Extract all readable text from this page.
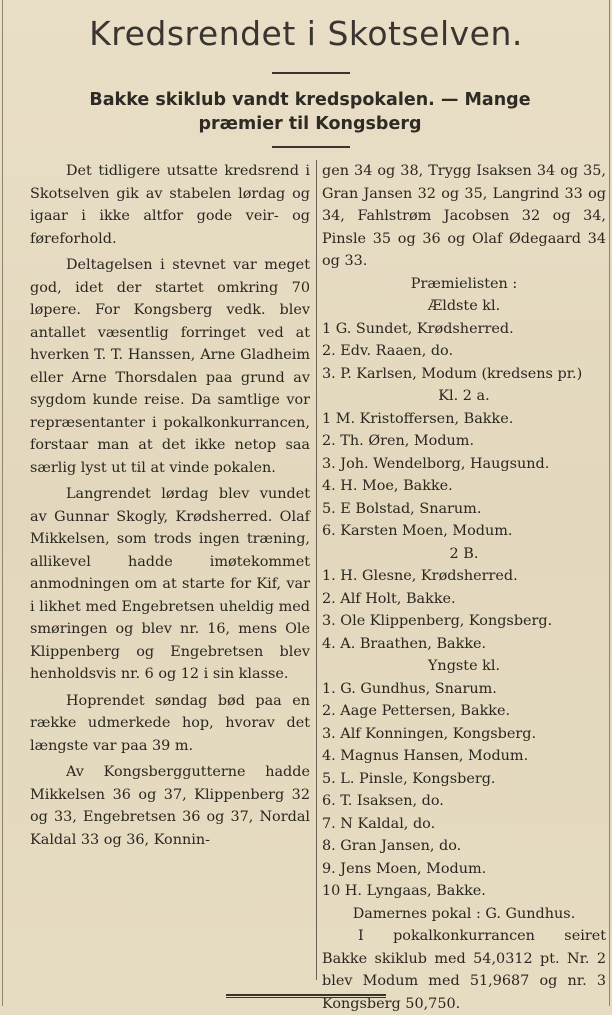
Kredsrendet i Skotselven.
Bakke skiklub vandt kredspokalen. — Mange
præmier til Kongsberg

Det tidligere utsatte kredsrend i Skotselven gik av stabelen lørdag og igaar i ikke altfor gode veir- og føreforhold.

Deltagelsen i stevnet var meget god, idet der startet omkring 70 løpere. For Kongsberg vedk. blev antallet væsentlig forringet ved at hverken T. T. Hanssen, Arne Gladheim eller Arne Thorsdalen paa grund av sygdom kunde reise. Da samtlige vor repræsentanter i pokalkonkurrancen, forstaar man at det ikke netop saa særlig lyst ut til at vinde pokalen.

Langrendet lørdag blev vundet av Gunnar Skogly, Krødsherred. Olaf Mikkelsen, som trods ingen træning, allikevel hadde imøtekommet anmodningen om at starte for Kif, var i likhet med Engebretsen uheldig med smøringen og blev nr. 16, mens Ole Klippenberg og Engebretsen blev henholdsvis nr. 6 og 12 i sin klasse.

Hoprendet søndag bød paa en række udmerkede hop, hvorav det længste var paa 39 m.

Av Kongsberggutterne hadde Mikkelsen 36 og 37, Klippenberg 32 og 33, Engebretsen 36 og 37, Nordal Kaldal 33 og 36, Konnin-

gen 34 og 38, Trygg Isaksen 34 og 35, Gran Jansen 32 og 35, Langrind 33 og 34, Fahlstrøm Jacobsen 32 og 34, Pinsle 35 og 36 og Olaf Ødegaard 34 og 33.

Præmielisten :

Ældste kl.

1 G. Sundet, Krødsherred.

2. Edv. Raaen, do.

3. P. Karlsen, Modum (kredsens pr.)

Kl. 2 a.

1 M. Kristoffersen, Bakke.

2. Th. Øren, Modum.

3. Joh. Wendelborg, Haugsund.

4. H. Moe, Bakke.

5. E Bolstad, Snarum.

6. Karsten Moen, Modum.

2 B.

1. H. Glesne, Krødsherred.

2. Alf Holt, Bakke.

3. Ole Klippenberg, Kongsberg.

4. A. Braathen, Bakke.

Yngste kl.

1. G. Gundhus, Snarum.

2. Aage Pettersen, Bakke.

3. Alf Konningen, Kongsberg.

4. Magnus Hansen, Modum.

5. L. Pinsle, Kongsberg.

6. T. Isaksen, do.

7. N Kaldal, do.

8. Gran Jansen, do.

9. Jens Moen, Modum.

10 H. Lyngaas, Bakke.

Damernes pokal : G. Gundhus.

I pokalkonkurrancen seiret Bakke skiklub med 54,0312 pt. Nr. 2 blev Modum med 51,9687 og nr. 3 Kongsberg 50,750.
